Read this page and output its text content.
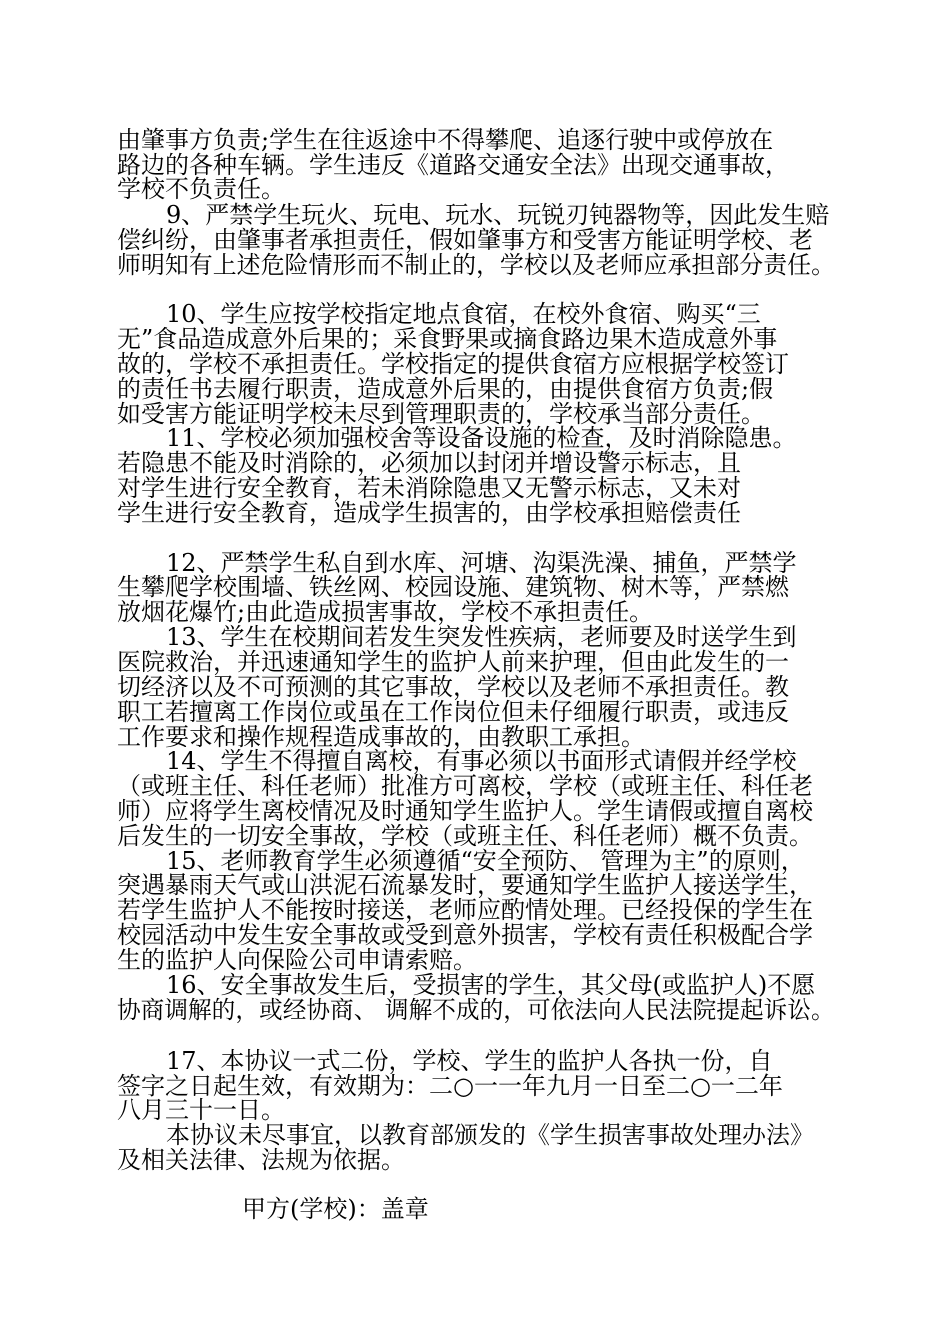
由肇事方负责;学生在往返途中不得攀爬、追逐行驶中或停放在
路边的各种车辆。学生违反《道路交通安全法》出现交通事故，
学校不负责任。
9、严禁学生玩火、玩电、玩水、玩锐刃钝器物等，因此发生赔
偿纠纷，由肇事者承担责任，假如肇事方和受害方能证明学校、老
师明知有上述危险情形而不制止的，学校以及老师应承担部分责任。
10、学生应按学校指定地点食宿，在校外食宿、购买“三
无”食品造成意外后果的；采食野果或摘食路边果木造成意外事
故的，学校不承担责任。学校指定的提供食宿方应根据学校签订
的责任书去履行职责，造成意外后果的，由提供食宿方负责;假
如受害方能证明学校未尽到管理职责的，学校承当部分责任。
11、学校必须加强校舍等设备设施的检查，及时消除隐患。
若隐患不能及时消除的，必须加以封闭并增设警示标志，且
对学生进行安全教育，若未消除隐患又无警示标志，又未对
学生进行安全教育，造成学生损害的，由学校承担赔偿责任
12、严禁学生私自到水库、河塘、沟渠洗澡、捕鱼，严禁学
生攀爬学校围墙、铁丝网、校园设施、建筑物、树木等，严禁燃
放烟花爆竹;由此造成损害事故，学校不承担责任。
13、学生在校期间若发生突发性疾病，老师要及时送学生到
医院救治，并迅速通知学生的监护人前来护理，但由此发生的一
切经济以及不可预测的其它事故，学校以及老师不承担责任。教
职工若擅离工作岗位或虽在工作岗位但未仔细履行职责，或违反
工作要求和操作规程造成事故的，由教职工承担。
14、学生不得擅自离校，有事必须以书面形式请假并经学校
（或班主任、科任老师）批准方可离校，学校（或班主任、科任老
师）应将学生离校情况及时通知学生监护人。学生请假或擅自离校
后发生的一切安全事故，学校（或班主任、科任老师）概不负责。
15、老师教育学生必须遵循“安全预防、 管理为主”的原则，
突遇暴雨天气或山洪泥石流暴发时，要通知学生监护人接送学生，
若学生监护人不能按时接送，老师应酌情处理。已经投保的学生在
校园活动中发生安全事故或受到意外损害，学校有责任积极配合学
生的监护人向保险公司申请索赔。
16、安全事故发生后，受损害的学生，其父母(或监护人)不愿
协商调解的，或经协商、 调解不成的，可依法向人民法院提起诉讼。
17、本协议一式二份，学校、学生的监护人各执一份，自
签字之日起生效，有效期为：二○一一年九月一日至二○一二年
八月三十一日。
本协议未尽事宜，以教育部颁发的《学生损害事故处理办法》
及相关法律、法规为依据。
甲方(学校)：盖章
